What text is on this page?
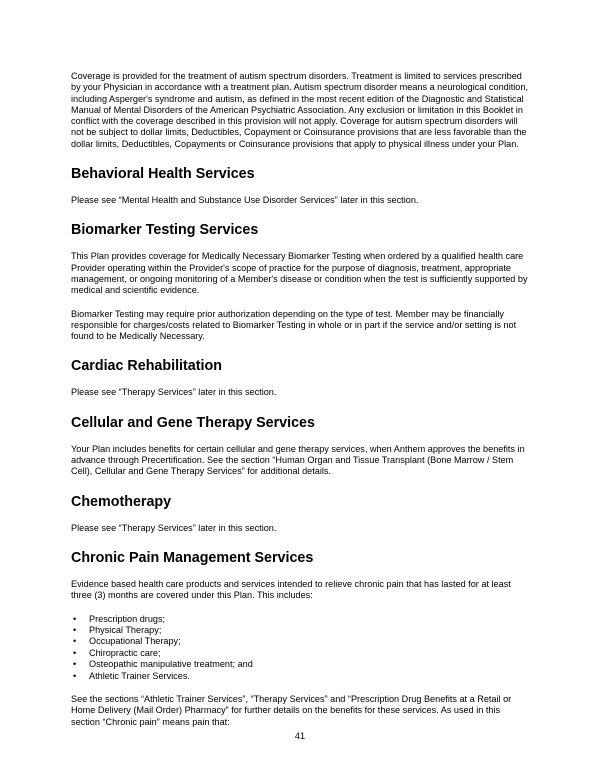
Coverage is provided for the treatment of autism spectrum disorders. Treatment is limited to services prescribed by your Physician in accordance with a treatment plan. Autism spectrum disorder means a neurological condition, including Asperger's syndrome and autism, as defined in the most recent edition of the Diagnostic and Statistical Manual of Mental Disorders of the American Psychiatric Association. Any exclusion or limitation in this Booklet in conflict with the coverage described in this provision will not apply. Coverage for autism spectrum disorders will not be subject to dollar limits, Deductibles, Copayment or Coinsurance provisions that are less favorable than the dollar limits, Deductibles, Copayments or Coinsurance provisions that apply to physical illness under your Plan.

Behavioral Health Services

Please see “Mental Health and Substance Use Disorder Services” later in this section.

Biomarker Testing Services

This Plan provides coverage for Medically Necessary Biomarker Testing when ordered by a qualified health care Provider operating within the Provider's scope of practice for the purpose of diagnosis, treatment, appropriate management, or ongoing monitoring of a Member's disease or condition when the test is sufficiently supported by medical and scientific evidence.

Biomarker Testing may require prior authorization depending on the type of test. Member may be financially responsible for charges/costs related to Biomarker Testing in whole or in part if the service and/or setting is not found to be Medically Necessary.

Cardiac Rehabilitation

Please see “Therapy Services” later in this section.

Cellular and Gene Therapy Services

Your Plan includes benefits for certain cellular and gene therapy services, when Anthem approves the benefits in advance through Precertification. See the section “Human Organ and Tissue Transplant (Bone Marrow / Stem Cell), Cellular and Gene Therapy Services” for additional details.

Chemotherapy

Please see “Therapy Services” later in this section.

Chronic Pain Management Services

Evidence based health care products and services intended to relieve chronic pain that has lasted for at least three (3) months are covered under this Plan. This includes:

• Prescription drugs;
• Physical Therapy;
• Occupational Therapy;
• Chiropractic care;
• Osteopathic manipulative treatment; and
• Athletic Trainer Services.

See the sections “Athletic Trainer Services”, “Therapy Services” and “Prescription Drug Benefits at a Retail or Home Delivery (Mail Order) Pharmacy” for further details on the benefits for these services. As used in this section “Chronic pain” means pain that:

41
